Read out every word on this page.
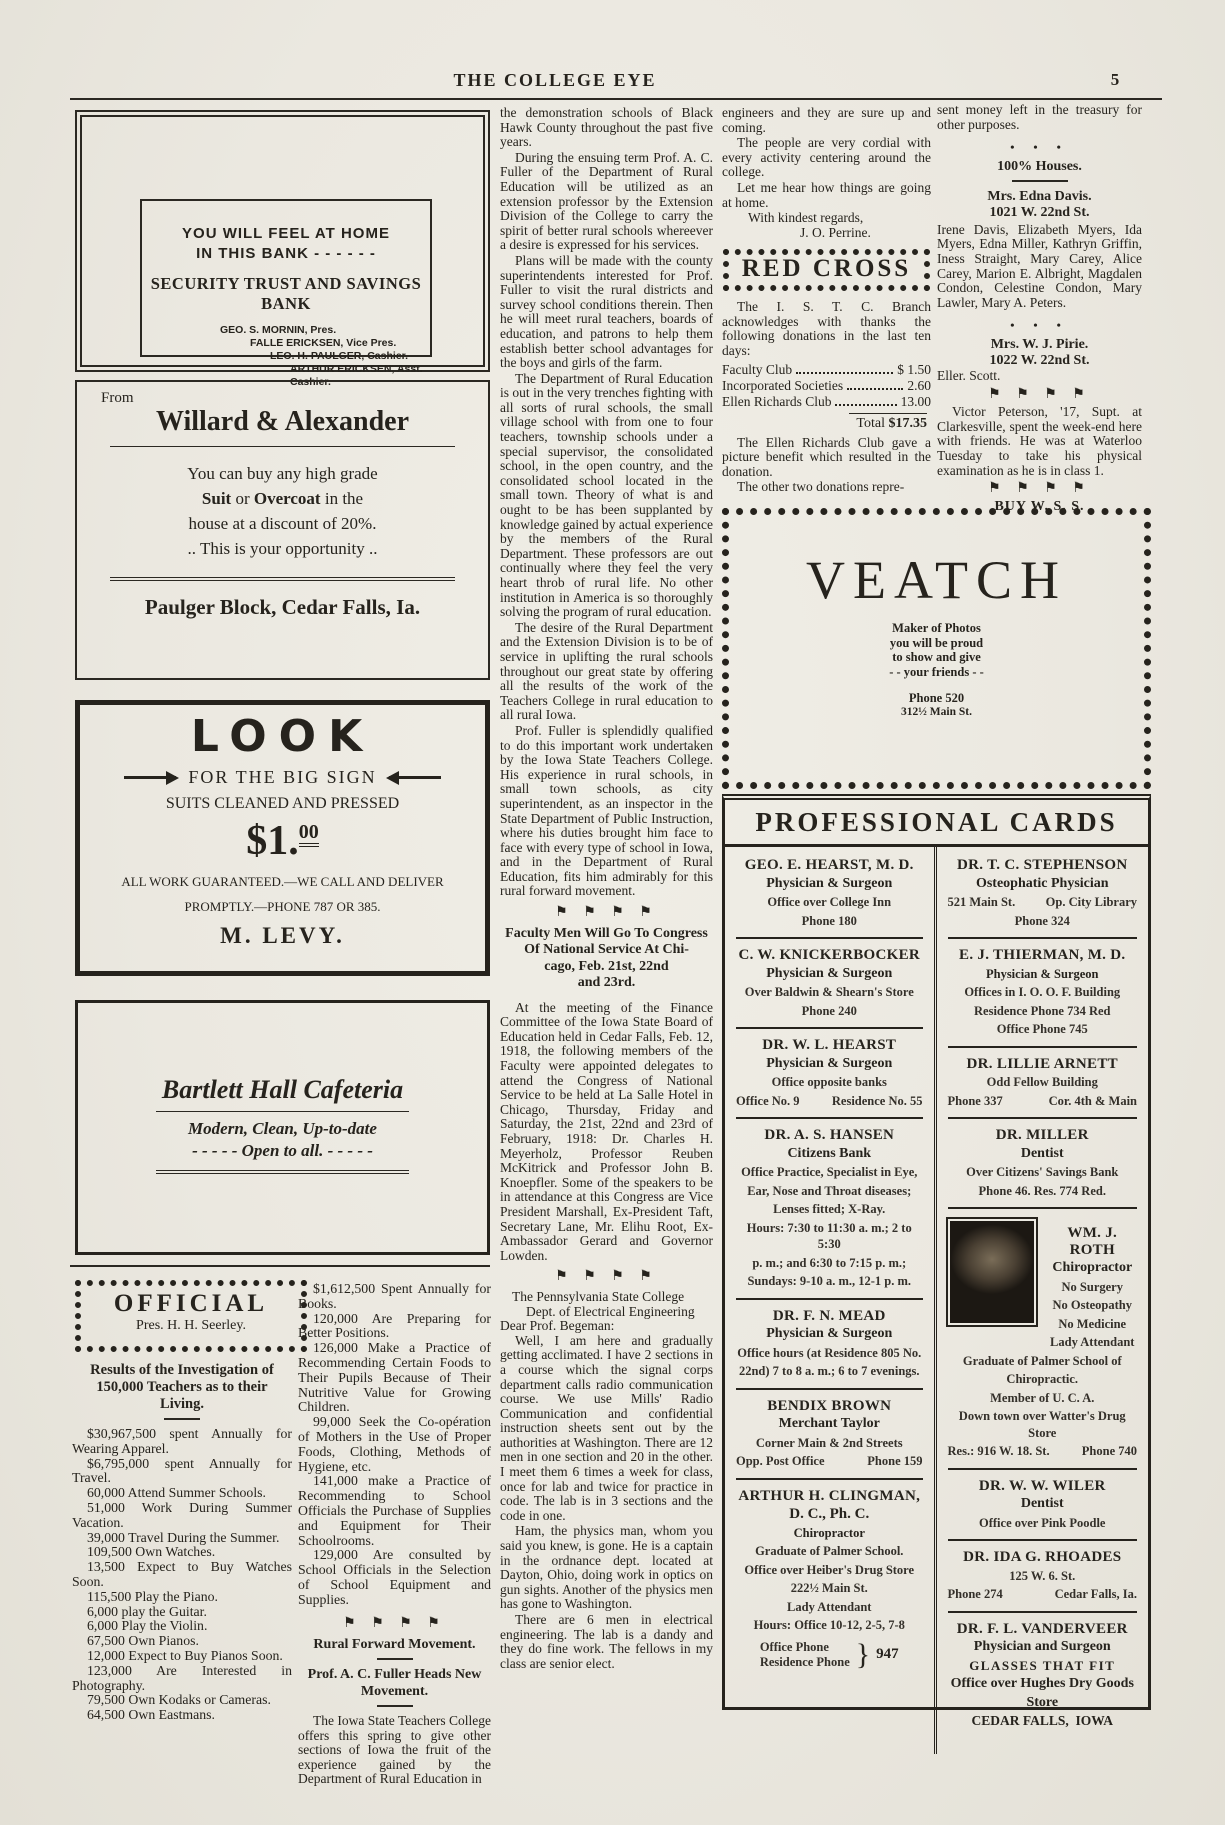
THE COLLEGE EYE	5

YOU WILL FEEL AT HOME

IN THIS BANK - - - - - -

SECURITY TRUST AND SAVINGS BANK

GEO. S. MORNIN, Pres.

FALLE ERICKSEN, Vice Pres.

LEO. H. PAULGER, Cashier.

ARTHUR ERICKSEN, Asst. Cashier.

From

Willard & Alexander

You can buy any high grade

Suit or Overcoat in the

house at a discount of 20%.

.. This is your opportunity ..

Paulger Block, Cedar Falls, Ia.

LOOK

FOR THE BIG SIGN

SUITS CLEANED AND PRESSED

$1.00

ALL WORK GUARANTEED.—WE CALL AND DELIVER

PROMPTLY.—PHONE 787 OR 385.

M. LEVY.

Bartlett Hall Cafeteria

Modern, Clean, Up-to-date

- - - - - Open to all. - - - - -

OFFICIAL

Pres. H. H. Seerley.

Results of the Investigation of

150,000 Teachers as to their

Living.

$30,967,500 spent Annually for Wearing Apparel.

$6,795,000 spent Annually for Travel.

60,000 Attend Summer Schools.

51,000 Work During Summer Vacation.

39,000 Travel During the Summer.

109,500 Own Watches.

13,500 Expect to Buy Watches Soon.

115,500 Play the Piano.

6,000 play the Guitar.

6,000 Play the Violin.

67,500 Own Pianos.

12,000 Expect to Buy Pianos Soon.

123,000 Are Interested in Photography.

79,500 Own Kodaks or Cameras.

64,500 Own Eastmans.

$1,612,500 Spent Annually for Books.

120,000 Are Preparing for Better Positions.

126,000 Make a Practice of Recommending Certain Foods to Their Pupils Because of Their Nutritive Value for Growing Children.

99,000 Seek the Co-opération of Mothers in the Use of Proper Foods, Clothing, Methods of Hygiene, etc.

141,000 make a Practice of Recommending to School Officials the Purchase of Supplies and Equipment for Their Schoolrooms.

129,000 Are consulted by School Officials in the Selection of School Equipment and Supplies.

⚑ ⚑ ⚑ ⚑

Rural Forward Movement.

Prof. A. C. Fuller Heads New

Movement.

The Iowa State Teachers College offers this spring to give other sections of Iowa the fruit of the experience gained by the Department of Rural Education in

the demonstration schools of Black Hawk County throughout the past five years.

During the ensuing term Prof. A. C. Fuller of the Department of Rural Education will be utilized as an extension professor by the Extension Division of the College to carry the spirit of better rural schools whereever a desire is expressed for his services.

Plans will be made with the county superintendents interested for Prof. Fuller to visit the rural districts and survey school conditions therein. Then he will meet rural teachers, boards of education, and patrons to help them establish better school advantages for the boys and girls of the farm.

The Department of Rural Education is out in the very trenches fighting with all sorts of rural schools, the small village school with from one to four teachers, township schools under a special supervisor, the consolidated school, in the open country, and the consolidated school located in the small town. Theory of what is and ought to be has been supplanted by knowledge gained by actual experience by the members of the Rural Department. These professors are out continually where they feel the very heart throb of rural life. No other institution in America is so thoroughly solving the program of rural education.

The desire of the Rural Department and the Extension Division is to be of service in uplifting the rural schools throughout our great state by offering all the results of the work of the Teachers College in rural education to all rural Iowa.

Prof. Fuller is splendidly qualified to do this important work undertaken by the Iowa State Teachers College. His experience in rural schools, in small town schools, as city superintendent, as an inspector in the State Department of Public Instruction, where his duties brought him face to face with every type of school in Iowa, and in the Department of Rural Education, fits him admirably for this rural forward movement.

⚑ ⚑ ⚑ ⚑

Faculty Men Will Go To Congress

Of National Service At Chi-

cago, Feb. 21st, 22nd

and 23rd.

At the meeting of the Finance Committee of the Iowa State Board of Education held in Cedar Falls, Feb. 12, 1918, the following members of the Faculty were appointed delegates to attend the Congress of National Service to be held at La Salle Hotel in Chicago, Thursday, Friday and Saturday, the 21st, 22nd and 23rd of February, 1918: Dr. Charles H. Meyerholz, Professor Reuben McKitrick and Professor John B. Knoepfler. Some of the speakers to be in attendance at this Congress are Vice President Marshall, Ex-President Taft, Secretary Lane, Mr. Elihu Root, Ex-Ambassador Gerard and Governor Lowden.

⚑ ⚑ ⚑ ⚑

The Pennsylvania State College

Dept. of Electrical Engineering

Dear Prof. Begeman:

Well, I am here and gradually getting acclimated. I have 2 sections in a course which the signal corps department calls radio communication course. We use Mills' Radio Communication and confidential instruction sheets sent out by the authorities at Washington. There are 12 men in one section and 20 in the other. I meet them 6 times a week for class, once for lab and twice for practice in code. The lab is in 3 sections and the code in one.

Ham, the physics man, whom you said you knew, is gone. He is a captain in the ordnance dept. located at Dayton, Ohio, doing work in optics on gun sights. Another of the physics men has gone to Washington.

There are 6 men in electrical engineering. The lab is a dandy and they do fine work. The fellows in my class are senior elect.

engineers and they are sure up and coming.

The people are very cordial with every activity centering around the college.

Let me hear how things are going at home.

With kindest regards,

J. O. Perrine.

RED CROSS

The I. S. T. C. Branch acknowledges with thanks the following donations in the last ten days:

Faculty Club	$ 1.50
Incorporated Societies	2.60
Ellen Richards Club	13.00

Total $17.35

The Ellen Richards Club gave a picture benefit which resulted in the donation.

The other two donations repre-

sent money left in the treasury for other purposes.

• • •

100% Houses.

Mrs. Edna Davis.

1021 W. 22nd St.

Irene Davis, Elizabeth Myers, Ida Myers, Edna Miller, Kathryn Griffin, Iness Straight, Mary Carey, Alice Carey, Marion E. Albright, Magdalen Condon, Celestine Condon, Mary Lawler, Mary A. Peters.

• • •

Mrs. W. J. Pirie.

1022 W. 22nd St.

Eller. Scott.

⚑ ⚑ ⚑ ⚑

Victor Peterson, '17, Supt. at Clarkesville, spent the week-end here with friends. He was at Waterloo Tuesday to take his physical examination as he is in class 1.

⚑ ⚑ ⚑ ⚑

BUY W. S. S.

VEATCH

Maker of Photos

you will be proud

to show and give

- - your friends - -

Phone 520

312½ Main St.

PROFESSIONAL CARDS

GEO. E. HEARST, M. D.
Physician & Surgeon
Office over College Inn
Phone 180
C. W. KNICKERBOCKER
Physician & Surgeon
Over Baldwin & Shearn's Store
Phone 240
DR. W. L. HEARST
Physician & Surgeon
Office opposite banks
Office No. 9	Residence No. 55
DR. A. S. HANSEN
Citizens Bank
Office Practice, Specialist in Eye,
Ear, Nose and Throat diseases;
Lenses fitted; X-Ray.
Hours: 7:30 to 11:30 a. m.; 2 to 5:30
p. m.; and 6:30 to 7:15 p. m.;
Sundays: 9-10 a. m., 12-1 p. m.
DR. F. N. MEAD
Physician & Surgeon
Office hours (at Residence 805 No.
22nd) 7 to 8 a. m.; 6 to 7 evenings.
BENDIX BROWN
Merchant Taylor
Corner Main & 2nd Streets
Opp. Post Office	Phone 159
ARTHUR H. CLINGMAN,
D. C., Ph. C.
Chiropractor
Graduate of Palmer School.
Office over Heiber's Drug Store
222½ Main St.
Lady Attendant
Hours: Office 10-12, 2-5, 7-8

Office Phone

Residence Phone } 947
DR. T. C. STEPHENSON
Osteophatic Physician
521 Main St. Op. City Library
Phone 324
E. J. THIERMAN, M. D.
Physician & Surgeon
Offices in I. O. O. F. Building
Residence Phone 734 Red
Office Phone 745
DR. LILLIE ARNETT
Odd Fellow Building
Phone 337	Cor. 4th & Main
DR. MILLER
Dentist
Over Citizens' Savings Bank
Phone 46. Res. 774 Red.
WM. J. ROTH
Chiropractor
No Surgery
No Osteopathy
No Medicine
Lady Attendant
Graduate of Palmer School of
Chiropractic.
Member of U. C. A.
Down town over Watter's Drug Store
Res.: 916 W. 18. St.	Phone 740
DR. W. W. WILER
Dentist
Office over Pink Poodle
DR. IDA G. RHOADES
125 W. 6. St.
Phone 274	Cedar Falls, Ia.
DR. F. L. VANDERVEER
Physician and Surgeon
GLASSES THAT FIT
Office over Hughes Dry Goods
Store
CEDAR FALLS, IOWA
